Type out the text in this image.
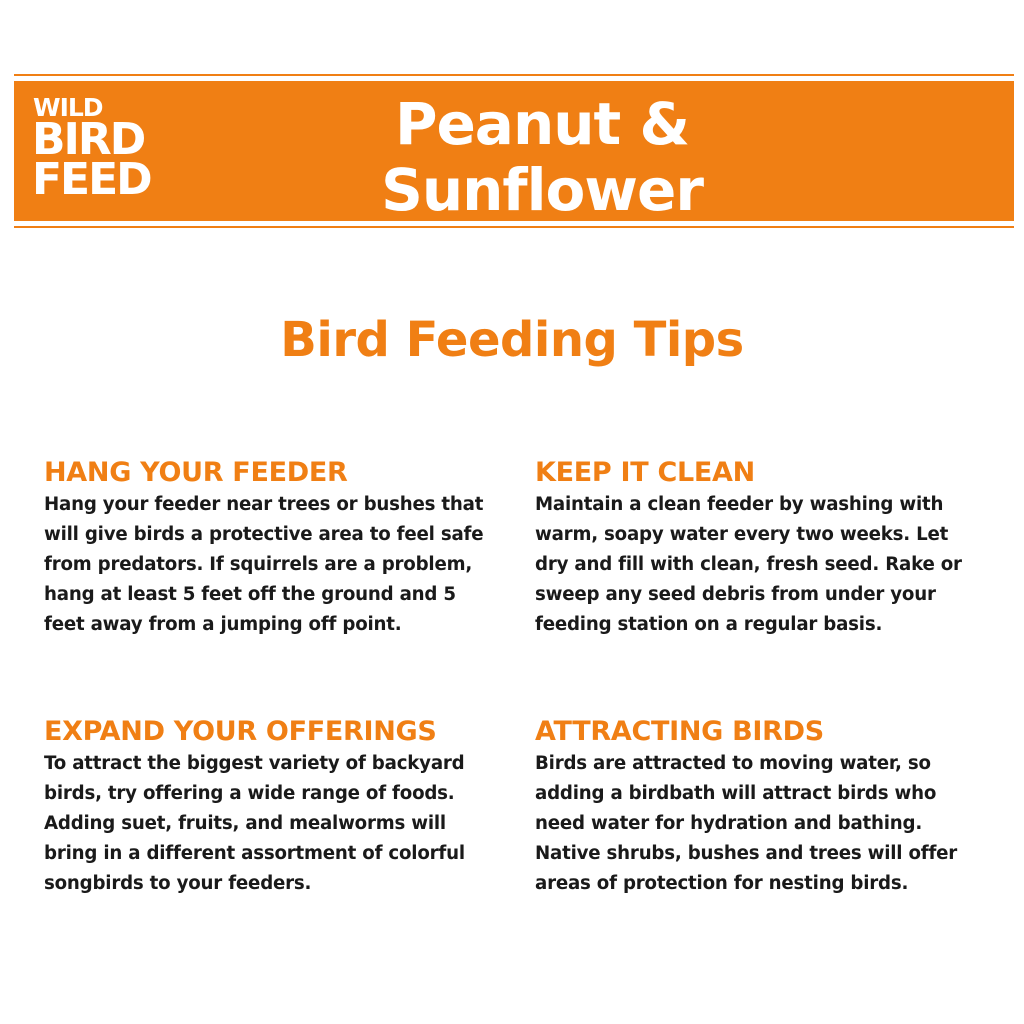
WILD
BIRD
FEED
Peanut & Sunflower
Bird Feeding Tips
HANG YOUR FEEDER

Hang your feeder near trees or bushes that will give birds a protective area to feel safe from predators. If squirrels are a problem, hang at least 5 feet off the ground and 5 feet away from a jumping off point.

KEEP IT CLEAN

Maintain a clean feeder by washing with warm, soapy water every two weeks. Let dry and fill with clean, fresh seed. Rake or sweep any seed debris from under your feeding station on a regular basis.

EXPAND YOUR OFFERINGS

To attract the biggest variety of backyard birds, try offering a wide range of foods. Adding suet, fruits, and mealworms will bring in a different assortment of colorful songbirds to your feeders.

ATTRACTING BIRDS

Birds are attracted to moving water, so adding a birdbath will attract birds who need water for hydration and bathing. Native shrubs, bushes and trees will offer areas of protection for nesting birds.
